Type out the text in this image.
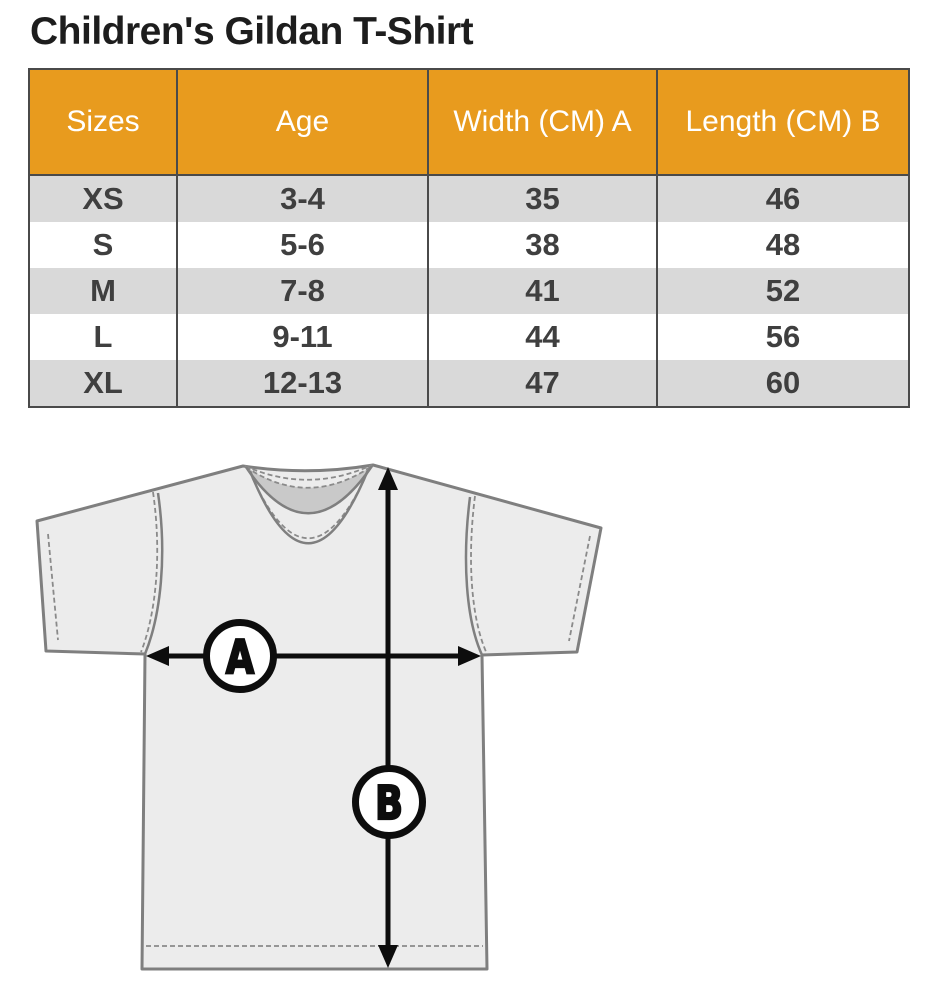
Children's Gildan T-Shirt
Sizes	Age	Width (CM) A	Length (CM) B
XS	3-4	35	46
S	5-6	38	48
M	7-8	41	52
L	9-11	44	56
XL	12-13	47	60
A
B
